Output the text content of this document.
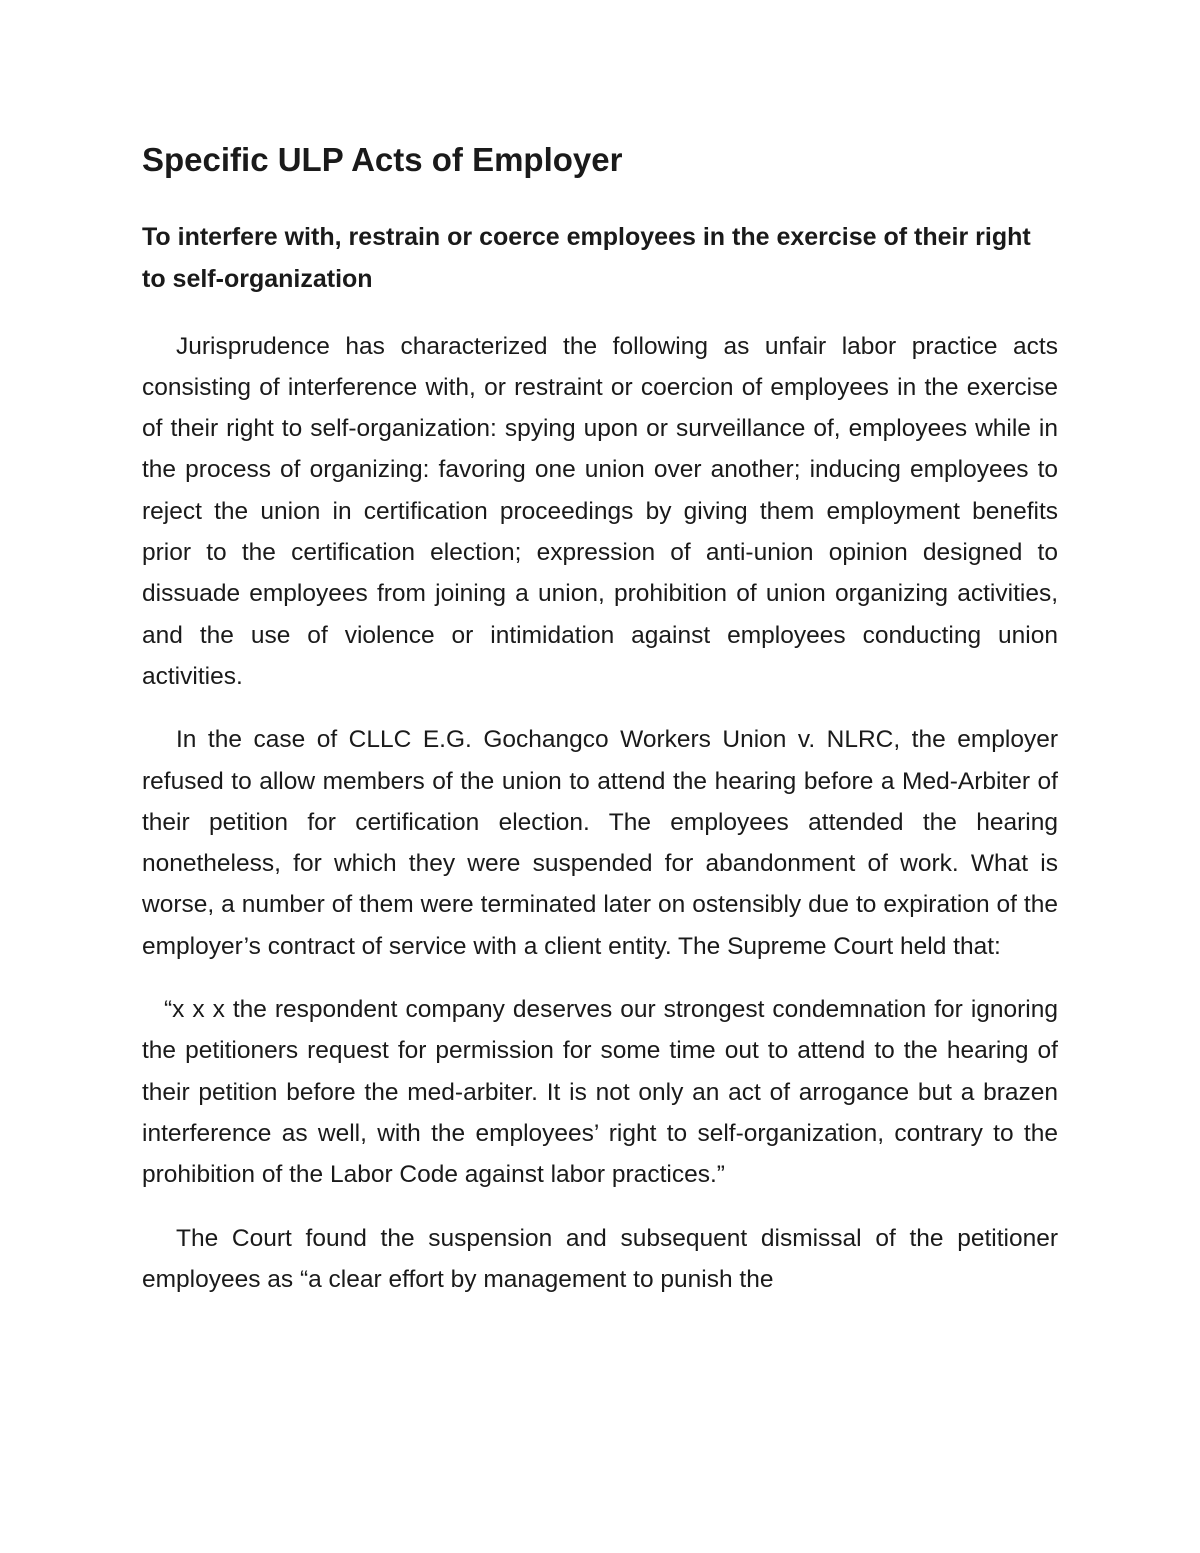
Specific ULP Acts of Employer
To interfere with, restrain or coerce employees in the exercise of their right to self-organization

Jurisprudence has characterized the following as unfair labor practice acts consisting of interference with, or restraint or coercion of employees in the exercise of their right to self-organization: spying upon or surveillance of, employees while in the process of organizing: favoring one union over another; inducing employees to reject the union in certification proceedings by giving them employment benefits prior to the certification election; expression of anti-union opinion designed to dissuade employees from joining a union, prohibition of union organizing activities, and the use of violence or intimidation against employees conducting union activities.

In the case of CLLC E.G. Gochangco Workers Union v. NLRC, the employer refused to allow members of the union to attend the hearing before a Med-Arbiter of their petition for certification election. The employees attended the hearing nonetheless, for which they were suspended for abandonment of work. What is worse, a number of them were terminated later on ostensibly due to expiration of the employer’s contract of service with a client entity. The Supreme Court held that:

“x x x the respondent company deserves our strongest condemnation for ignoring the petitioners request for permission for some time out to attend to the hearing of their petition before the med-arbiter. It is not only an act of arrogance but a brazen interference as well, with the employees’ right to self-organization, contrary to the prohibition of the Labor Code against labor practices.”

The Court found the suspension and subsequent dismissal of the petitioner employees as “a clear effort by management to punish the
